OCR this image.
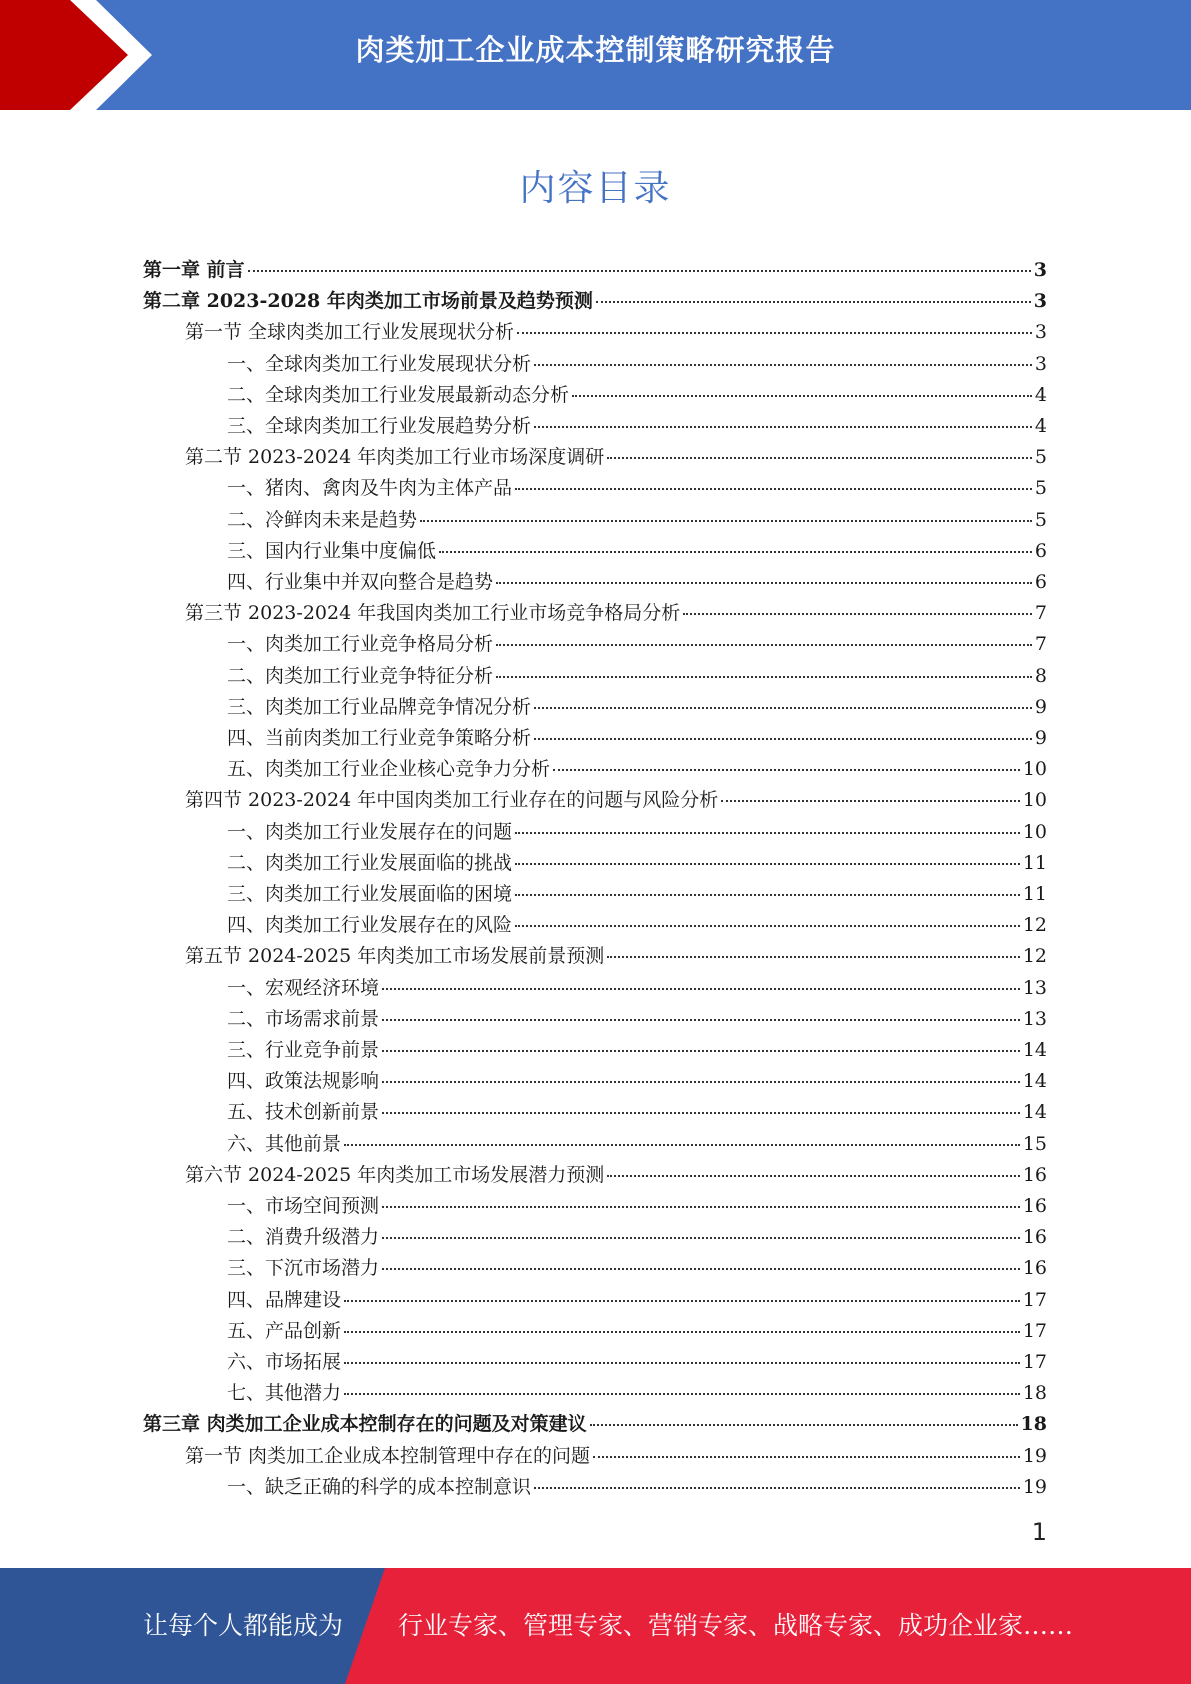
肉类加工企业成本控制策略研究报告
内容目录
第一章 前言	3
第二章 2023-2028 年肉类加工市场前景及趋势预测	3
第一节 全球肉类加工行业发展现状分析	3
一、全球肉类加工行业发展现状分析	3
二、全球肉类加工行业发展最新动态分析	4
三、全球肉类加工行业发展趋势分析	4
第二节 2023-2024 年肉类加工行业市场深度调研	5
一、猪肉、禽肉及牛肉为主体产品	5
二、冷鲜肉未来是趋势	5
三、国内行业集中度偏低	6
四、行业集中并双向整合是趋势	6
第三节 2023-2024 年我国肉类加工行业市场竞争格局分析	7
一、肉类加工行业竞争格局分析	7
二、肉类加工行业竞争特征分析	8
三、肉类加工行业品牌竞争情况分析	9
四、当前肉类加工行业竞争策略分析	9
五、肉类加工行业企业核心竞争力分析	10
第四节 2023-2024 年中国肉类加工行业存在的问题与风险分析	10
一、肉类加工行业发展存在的问题	10
二、肉类加工行业发展面临的挑战	11
三、肉类加工行业发展面临的困境	11
四、肉类加工行业发展存在的风险	12
第五节 2024-2025 年肉类加工市场发展前景预测	12
一、宏观经济环境	13
二、市场需求前景	13
三、行业竞争前景	14
四、政策法规影响	14
五、技术创新前景	14
六、其他前景	15
第六节 2024-2025 年肉类加工市场发展潜力预测	16
一、市场空间预测	16
二、消费升级潜力	16
三、下沉市场潜力	16
四、品牌建设	17
五、产品创新	17
六、市场拓展	17
七、其他潜力	18
第三章 肉类加工企业成本控制存在的问题及对策建议	18
第一节 肉类加工企业成本控制管理中存在的问题	19
一、缺乏正确的科学的成本控制意识	19
1
让每个人都能成为 行业专家、管理专家、营销专家、战略专家、成功企业家……
